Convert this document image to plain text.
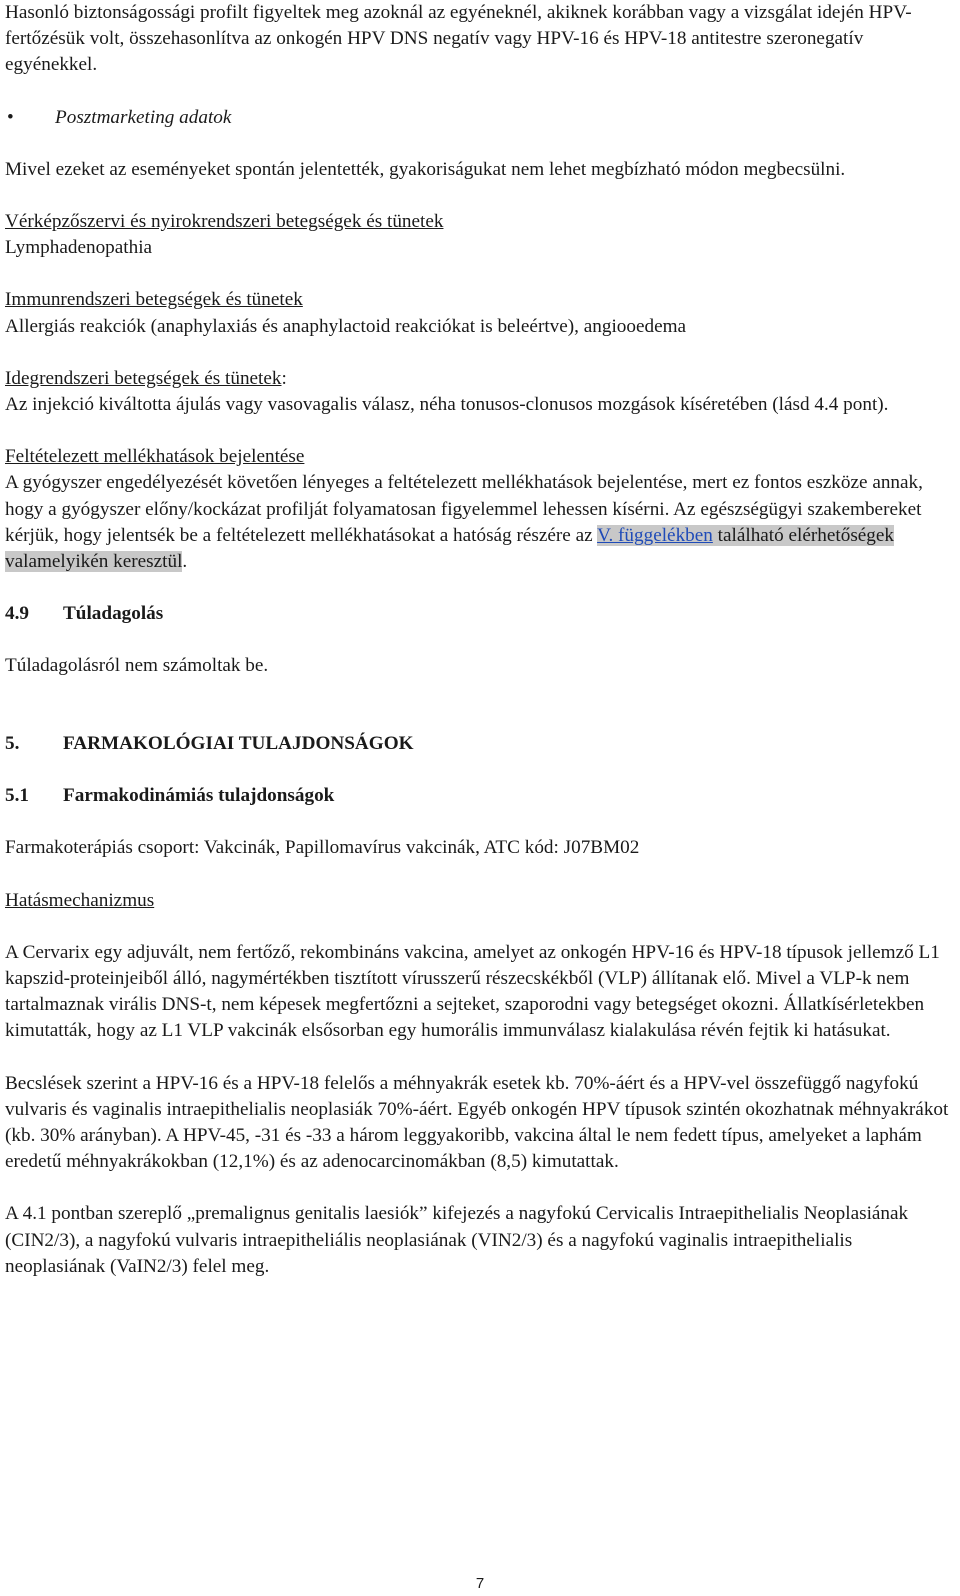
Hasonló biztonságossági profilt figyeltek meg azoknál az egyéneknél, akiknek korábban vagy a vizsgálat idején HPV-fertőzésük volt, összehasonlítva az onkogén HPV DNS negatív vagy HPV-16 és HPV-18 antitestre szeronegatív egyénekkel.

•	Posztmarketing adatok

Mivel ezeket az eseményeket spontán jelentették, gyakoriságukat nem lehet megbízható módon megbecsülni.

Vérképzőszervi és nyirokrendszeri betegségek és tünetek

Lymphadenopathia

Immunrendszeri betegségek és tünetek

Allergiás reakciók (anaphylaxiás és anaphylactoid reakciókat is beleértve), angiooedema

Idegrendszeri betegségek és tünetek:

Az injekció kiváltotta ájulás vagy vasovagalis válasz, néha tonusos-clonusos mozgások kíséretében (lásd 4.4 pont).

Feltételezett mellékhatások bejelentése

A gyógyszer engedélyezését követően lényeges a feltételezett mellékhatások bejelentése, mert ez fontos eszköze annak, hogy a gyógyszer előny/kockázat profilját folyamatosan figyelemmel lehessen kísérni. Az egészségügyi szakembereket kérjük, hogy jelentsék be a feltételezett mellékhatásokat a hatóság részére az V. függelékben található elérhetőségek valamelyikén keresztül.

4.9	Túladagolás

Túladagolásról nem számoltak be.

5.	FARMAKOLÓGIAI TULAJDONSÁGOK
5.1	Farmakodinámiás tulajdonságok

Farmakoterápiás csoport: Vakcinák, Papillomavírus vakcinák, ATC kód: J07BM02

Hatásmechanizmus

A Cervarix egy adjuvált, nem fertőző, rekombináns vakcina, amelyet az onkogén HPV-16 és HPV-18 típusok jellemző L1 kapszid-proteinjeiből álló, nagymértékben tisztított vírusszerű részecskékből (VLP) állítanak elő. Mivel a VLP-k nem tartalmaznak virális DNS-t, nem képesek megfertőzni a sejteket, szaporodni vagy betegséget okozni. Állatkísérletekben kimutatták, hogy az L1 VLP vakcinák elsősorban egy humorális immunválasz kialakulása révén fejtik ki hatásukat.

Becslések szerint a HPV-16 és a HPV-18 felelős a méhnyakrák esetek kb. 70%-áért és a HPV-vel összefüggő nagyfokú vulvaris és vaginalis intraepithelialis neoplasiák 70%-áért. Egyéb onkogén HPV típusok szintén okozhatnak méhnyakrákot (kb. 30% arányban). A HPV-45, -31 és -33 a három leggyakoribb, vakcina által le nem fedett típus, amelyeket a laphám eredetű méhnyakrákokban (12,1%) és az adenocarcinomákban (8,5) kimutattak.

A 4.1 pontban szereplő „premalignus genitalis laesiók” kifejezés a nagyfokú Cervicalis Intraepithelialis Neoplasiának (CIN2/3), a nagyfokú vulvaris intraepitheliális neoplasiának (VIN2/3) és a nagyfokú vaginalis intraepithelialis neoplasiának (VaIN2/3) felel meg.

7
